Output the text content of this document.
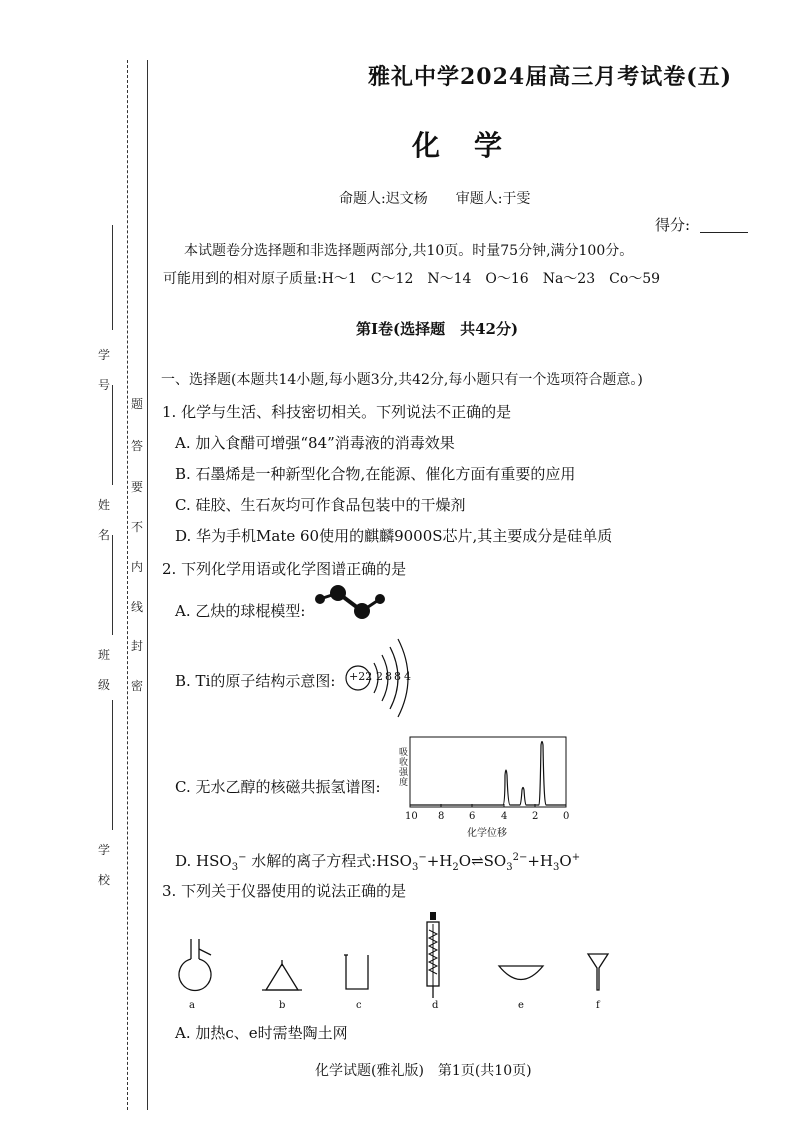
学号
姓名
班级
学校
题
答
要
不
内
线
封
密
雅礼中学2024届高三月考试卷(五)
化学
命题人:迟文杨　　审题人:于雯
得分:
本试题卷分选择题和非选择题两部分,共10页。时量75分钟,满分100分。
可能用到的相对原子质量:H～1　C～12　N～14　O～16　Na～23　Co～59
第Ⅰ卷(选择题　共42分)
一、选择题(本题共14小题,每小题3分,共42分,每小题只有一个选项符合题意。)
1. 化学与生活、科技密切相关。下列说法不正确的是
A. 加入食醋可增强“84”消毒液的消毒效果
B. 石墨烯是一种新型化合物,在能源、催化方面有重要的应用
C. 硅胶、生石灰均可作食品包装中的干燥剂
D. 华为手机Mate 60使用的麒麟9000S芯片,其主要成分是硅单质
2. 下列化学用语或化学图谱正确的是
A. 乙炔的球棍模型:
B. Ti的原子结构示意图: +22 2 8 8 4
C. 无水乙醇的核磁共振氢谱图:
吸收强度
10 8 6	4 2 0
化学位移
D. $HSO_3^-$ 水解的离子方程式$:HSO_3^-+H_2O\rightleftharpoons SO_3^{2-}+H_3O^+$
3. 下列关于仪器使用的说法正确的是
a	b	c	d	e	f
A. 加热c、e时需垫陶土网
化学试题(雅礼版)　第1页(共10页)
